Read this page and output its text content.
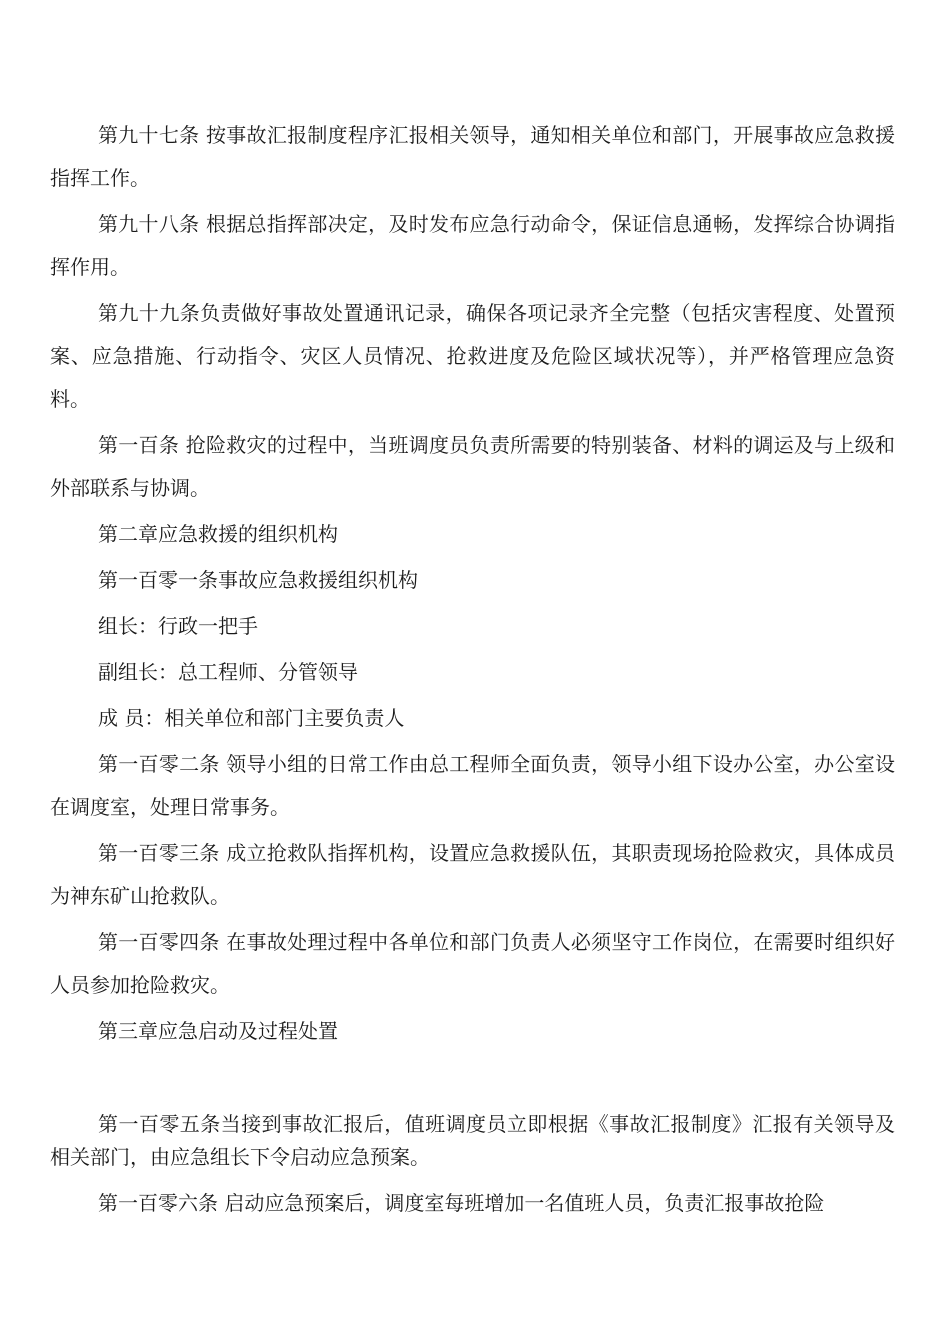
第九十七条 按事故汇报制度程序汇报相关领导，通知相关单位和部门，开展事故应急救援指挥工作。

第九十八条 根据总指挥部决定，及时发布应急行动命令，保证信息通畅，发挥综合协调指挥作用。

第九十九条负责做好事故处置通讯记录，确保各项记录齐全完整（包括灾害程度、处置预案、应急措施、行动指令、灾区人员情况、抢救进度及危险区域状况等），并严格管理应急资料。

第一百条 抢险救灾的过程中，当班调度员负责所需要的特别装备、材料的调运及与上级和外部联系与协调。

第二章应急救援的组织机构

第一百零一条事故应急救援组织机构

组长：行政一把手

副组长：总工程师、分管领导

成 员：相关单位和部门主要负责人

第一百零二条 领导小组的日常工作由总工程师全面负责，领导小组下设办公室，办公室设在调度室，处理日常事务。

第一百零三条 成立抢救队指挥机构，设置应急救援队伍，其职责现场抢险救灾，具体成员为神东矿山抢救队。

第一百零四条 在事故处理过程中各单位和部门负责人必须坚守工作岗位，在需要时组织好人员参加抢险救灾。

第三章应急启动及过程处置

第一百零五条当接到事故汇报后，值班调度员立即根据《事故汇报制度》汇报有关领导及相关部门，由应急组长下令启动应急预案。

第一百零六条 启动应急预案后，调度室每班增加一名值班人员，负责汇报事故抢险
